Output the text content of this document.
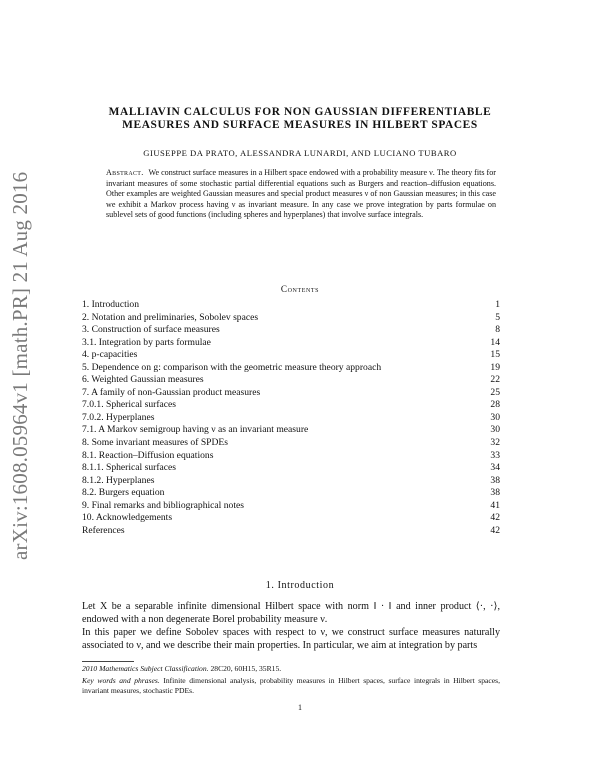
arXiv:1608.05964v1 [math.PR] 21 Aug 2016
MALLIAVIN CALCULUS FOR NON GAUSSIAN DIFFERENTIABLE
MEASURES AND SURFACE MEASURES IN HILBERT SPACES
GIUSEPPE DA PRATO, ALESSANDRA LUNARDI, AND LUCIANO TUBARO
Abstract. We construct surface measures in a Hilbert space endowed with a probability measure ν. The theory fits for invariant measures of some stochastic partial differential equations such as Burgers and reaction–diffusion equations. Other examples are weighted Gaussian measures and special product measures ν of non Gaussian measures; in this case we exhibit a Markov process having ν as invariant measure. In any case we prove integration by parts formulae on sublevel sets of good functions (including spheres and hyperplanes) that involve surface integrals.
Contents
1. Introduction	1
2. Notation and preliminaries, Sobolev spaces	5
3. Construction of surface measures	8
3.1. Integration by parts formulae	14
4. p-capacities	15
5. Dependence on g: comparison with the geometric measure theory approach	19
6. Weighted Gaussian measures	22
7. A family of non-Gaussian product measures	25
7.0.1. Spherical surfaces	28
7.0.2. Hyperplanes	30
7.1. A Markov semigroup having ν as an invariant measure	30
8. Some invariant measures of SPDEs	32
8.1. Reaction–Diffusion equations	33
8.1.1. Spherical surfaces	34
8.1.2. Hyperplanes	38
8.2. Burgers equation	38
9. Final remarks and bibliographical notes	41
10. Acknowledgements	42
References	42
1. Introduction
Let X be a separable infinite dimensional Hilbert space with norm ‖ · ‖ and inner product ⟨·, ·⟩, endowed with a non degenerate Borel probability measure ν.
In this paper we define Sobolev spaces with respect to ν, we construct surface measures naturally associated to ν, and we describe their main properties. In particular, we aim at integration by parts
2010 Mathematics Subject Classification. 28C20, 60H15, 35R15.
Key words and phrases. Infinite dimensional analysis, probability measures in Hilbert spaces, surface integrals in Hilbert spaces, invariant measures, stochastic PDEs.
1
